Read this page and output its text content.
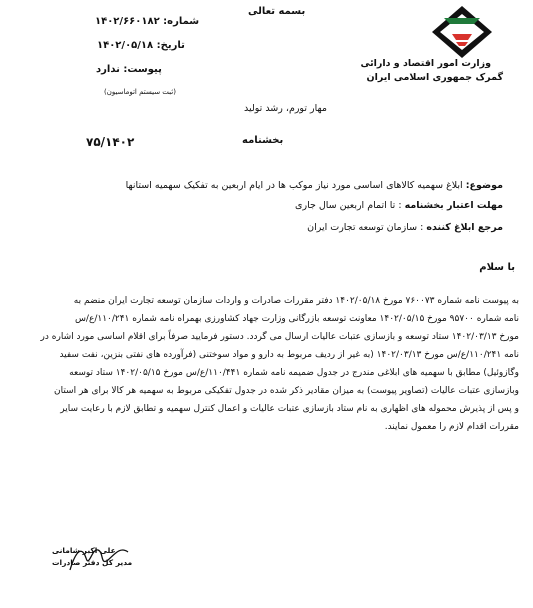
وزارت امور اقتصاد و دارائی
گمرک جمهوری اسلامی ایران
بسمه تعالی
شماره: ۱۴۰۲/۶۶۰۱۸۲
تاریخ: ۱۴۰۲/۰۵/۱۸
پیوست: ندارد
(ثبت سیستم اتوماسیون)
مهار تورم، رشد تولید
بخشنامه
۷۵/۱۴۰۲
موضوع: ابلاغ سهمیه کالاهای اساسی مورد نیاز موکب ها در ایام اربعین به تفکیک سهمیه استانها
مهلت اعتبار بخشنامه : تا اتمام اربعین سال جاری
مرجع ابلاغ کننده : سازمان توسعه تجارت ایران
با سلام
به پیوست نامه شماره ۷۶۰۰۷۳ مورخ ۱۴۰۲/۰۵/۱۸ دفتر مقررات صادرات و واردات سازمان توسعه تجارت ایران منضم به
نامه شماره ۹۵۷۰۰ مورخ ۱۴۰۲/۰۵/۱۵ معاونت توسعه بازرگانی وزارت جهاد کشاورزی بهمراه نامه شماره ۱۱۰/۲۴۱/ع/س
مورخ ۱۴۰۲/۰۳/۱۳ ستاد توسعه و بازسازی عتبات عالیات ارسال می گردد. دستور فرمایید صرفاً برای اقلام اساسی مورد اشاره در
نامه ۱۱۰/۲۴۱/ع/س مورخ ۱۴۰۲/۰۳/۱۳ (به غیر از ردیف مربوط به دارو و مواد سوختنی (فرآورده های نفتی بنزین، نفت سفید
وگازوئیل) مطابق با سهمیه های ابلاغی مندرج در جدول ضمیمه نامه شماره ۱۱۰/۴۴۱/ع/س مورخ ۱۴۰۲/۰۵/۱۵ ستاد توسعه
وبازسازی عتبات عالیات (تصاویر پیوست) به میزان مقادیر ذکر شده در جدول تفکیکی مربوط به سهمیه هر کالا برای هر استان
و پس از پذیرش محموله های اظهاری به نام ستاد بازسازی عتبات عالیات و اعمال کنترل سهمیه و تطابق لازم با رعایت سایر
مقررات اقدام لازم را معمول نمایند.
علی اکبر شامانی
مدیر کل دفتر صادرات
